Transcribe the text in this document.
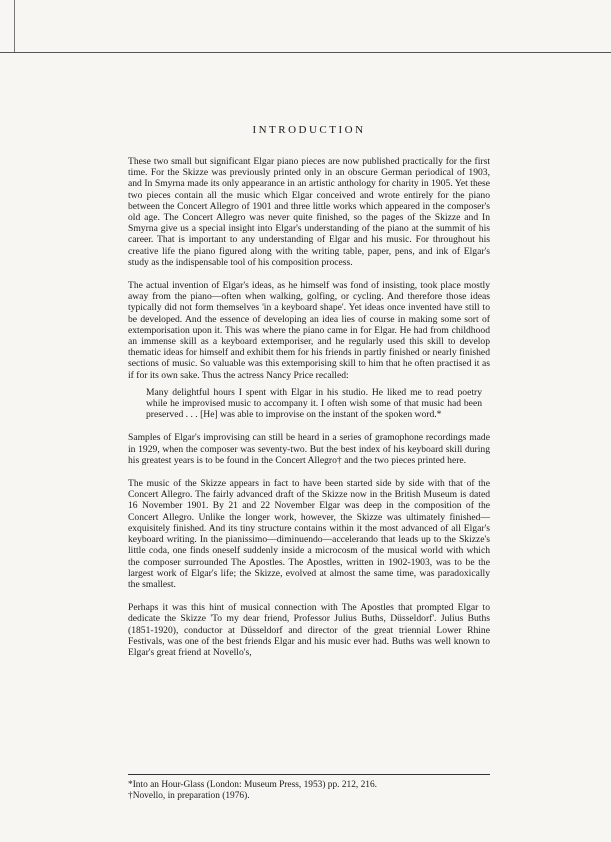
INTRODUCTION

These two small but significant Elgar piano pieces are now published practically for the first time. For the Skizze was previously printed only in an obscure German periodical of 1903, and In Smyrna made its only appearance in an artistic anthology for charity in 1905. Yet these two pieces contain all the music which Elgar conceived and wrote entirely for the piano between the Concert Allegro of 1901 and three little works which appeared in the composer's old age. The Concert Allegro was never quite finished, so the pages of the Skizze and In Smyrna give us a special insight into Elgar's understanding of the piano at the summit of his career. That is important to any understanding of Elgar and his music. For throughout his creative life the piano figured along with the writing table, paper, pens, and ink of Elgar's study as the indispensable tool of his composition process.

The actual invention of Elgar's ideas, as he himself was fond of insisting, took place mostly away from the piano—often when walking, golfing, or cycling. And therefore those ideas typically did not form themselves 'in a keyboard shape'. Yet ideas once invented have still to be developed. And the essence of developing an idea lies of course in making some sort of extemporisation upon it. This was where the piano came in for Elgar. He had from childhood an immense skill as a keyboard extemporiser, and he regularly used this skill to develop thematic ideas for himself and exhibit them for his friends in partly finished or nearly finished sections of music. So valuable was this extemporising skill to him that he often practised it as if for its own sake. Thus the actress Nancy Price recalled:

Many delightful hours I spent with Elgar in his studio. He liked me to read poetry while he improvised music to accompany it. I often wish some of that music had been preserved . . . [He] was able to improvise on the instant of the spoken word.*

Samples of Elgar's improvising can still be heard in a series of gramophone recordings made in 1929, when the composer was seventy-two. But the best index of his keyboard skill during his greatest years is to be found in the Concert Allegro† and the two pieces printed here.

The music of the Skizze appears in fact to have been started side by side with that of the Concert Allegro. The fairly advanced draft of the Skizze now in the British Museum is dated 16 November 1901. By 21 and 22 November Elgar was deep in the composition of the Concert Allegro. Unlike the longer work, however, the Skizze was ultimately finished—exquisitely finished. And its tiny structure contains within it the most advanced of all Elgar's keyboard writing. In the pianissimo—diminuendo—accelerando that leads up to the Skizze's little coda, one finds oneself suddenly inside a microcosm of the musical world with which the composer surrounded The Apostles. The Apostles, written in 1902-1903, was to be the largest work of Elgar's life; the Skizze, evolved at almost the same time, was paradoxically the smallest.

Perhaps it was this hint of musical connection with The Apostles that prompted Elgar to dedicate the Skizze 'To my dear friend, Professor Julius Buths, Düsseldorf'. Julius Buths (1851-1920), conductor at Düsseldorf and director of the great triennial Lower Rhine Festivals, was one of the best friends Elgar and his music ever had. Buths was well known to Elgar's great friend at Novello's,

*Into an Hour-Glass (London: Museum Press, 1953) pp. 212, 216.
†Novello, in preparation (1976).
